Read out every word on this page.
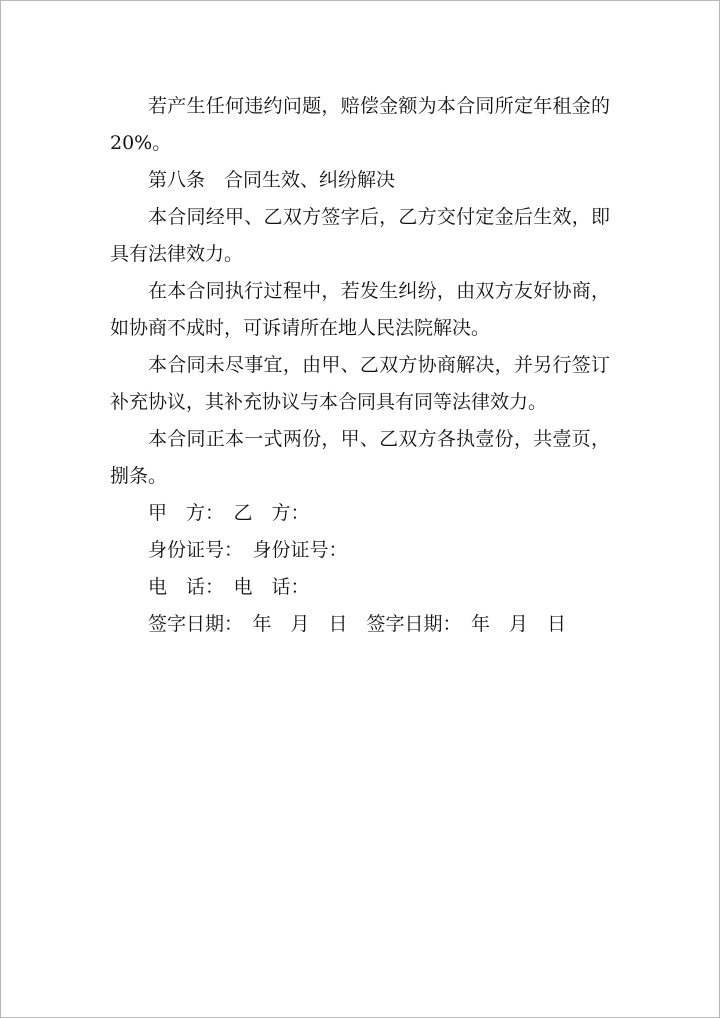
若产生任何违约问题，赔偿金额为本合同所定年租金的20%。

第八条　合同生效、纠纷解决

本合同经甲、乙双方签字后，乙方交付定金后生效，即具有法律效力。

在本合同执行过程中，若发生纠纷，由双方友好协商，如协商不成时，可诉请所在地人民法院解决。

本合同未尽事宜，由甲、乙双方协商解决，并另行签订补充协议，其补充协议与本合同具有同等法律效力。

本合同正本一式两份，甲、乙双方各执壹份，共壹页，捌条。

甲　方：　乙　方：

身份证号：　身份证号：

电　话：　电　话：

签字日期：　年　月　日　签字日期：　年　月　日
